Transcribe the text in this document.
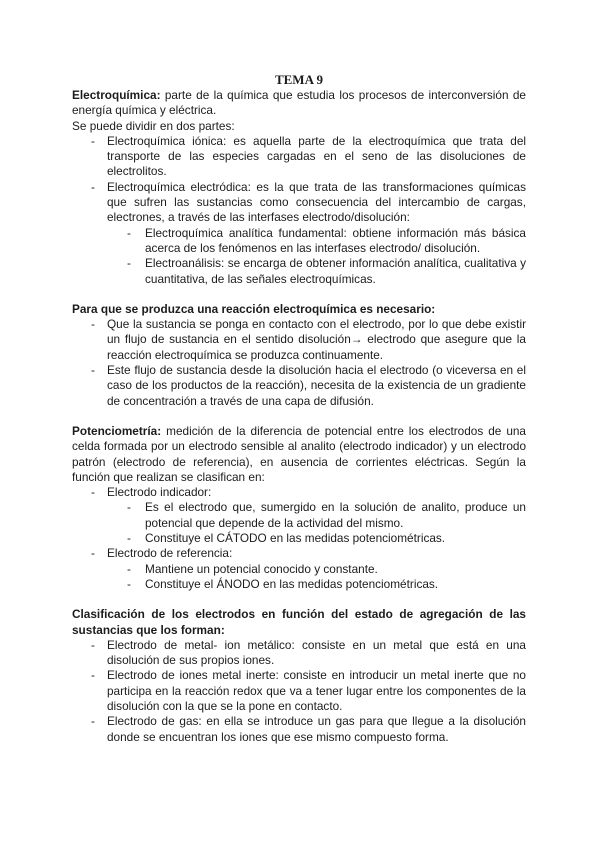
TEMA 9

Electroquímica: parte de la química que estudia los procesos de interconversión de energía química y eléctrica.

Se puede dividir en dos partes:

- Electroquímica iónica: es aquella parte de la electroquímica que trata del transporte de las especies cargadas en el seno de las disoluciones de electrolitos.
- Electroquímica electródica: es la que trata de las transformaciones químicas que sufren las sustancias como consecuencia del intercambio de cargas, electrones, a través de las interfases electrodo/disolución:
- Electroquímica analítica fundamental: obtiene información más básica acerca de los fenómenos en las interfases electrodo/ disolución.
- Electroanálisis: se encarga de obtener información analítica, cualitativa y cuantitativa, de las señales electroquímicas.

Para que se produzca una reacción electroquímica es necesario:

- Que la sustancia se ponga en contacto con el electrodo, por lo que debe existir un flujo de sustancia en el sentido disolución→ electrodo que asegure que la reacción electroquímica se produzca continuamente.
- Este flujo de sustancia desde la disolución hacia el electrodo (o viceversa en el caso de los productos de la reacción), necesita de la existencia de un gradiente de concentración a través de una capa de difusión.

Potenciometría: medición de la diferencia de potencial entre los electrodos de una celda formada por un electrodo sensible al analito (electrodo indicador) y un electrodo patrón (electrodo de referencia), en ausencia de corrientes eléctricas. Según la función que realizan se clasifican en:

- Electrodo indicador:
- Es el electrodo que, sumergido en la solución de analito, produce un potencial que depende de la actividad del mismo.
- Constituye el CÁTODO en las medidas potenciométricas.
- Electrodo de referencia:
- Mantiene un potencial conocido y constante.
- Constituye el ÁNODO en las medidas potenciométricas.

Clasificación de los electrodos en función del estado de agregación de las sustancias que los forman:

- Electrodo de metal- ion metálico: consiste en un metal que está en una disolución de sus propios iones.
- Electrodo de iones metal inerte: consiste en introducir un metal inerte que no participa en la reacción redox que va a tener lugar entre los componentes de la disolución con la que se la pone en contacto.
- Electrodo de gas: en ella se introduce un gas para que llegue a la disolución donde se encuentran los iones que ese mismo compuesto forma.
